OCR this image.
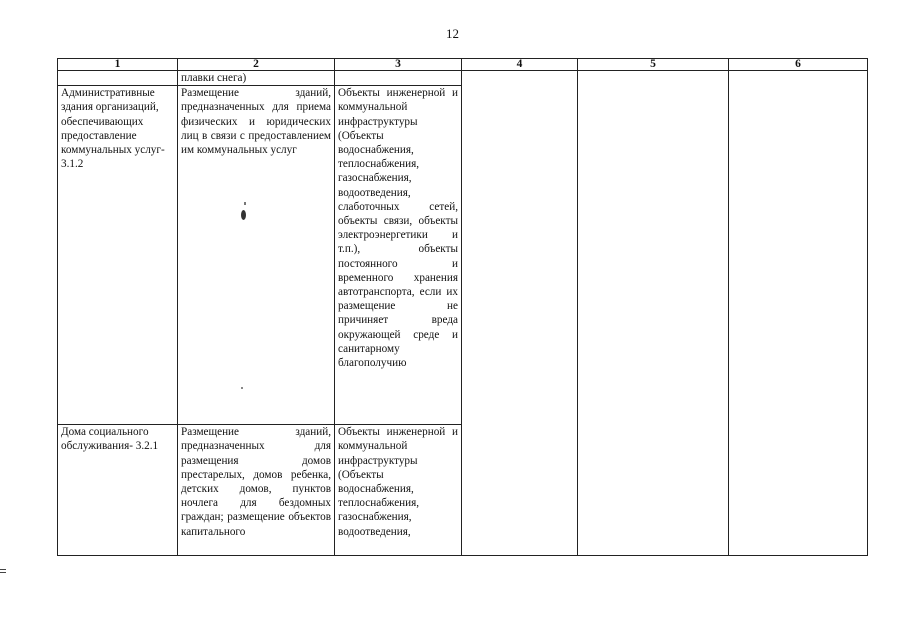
12
1	2	3	4	5	6
	плавки снега)				
Административные здания организаций, обеспечивающих предоставление коммунальных услуг- 3.1.2	Размещение зданий, предназначенных для приема физических и юридических лиц в связи с предоставлением им коммунальных услуг	Объекты инженерной и коммунальной инфраструктуры (Объекты водоснабжения, теплоснабжения, газоснабжения, водоотведения, слаботочных сетей, объекты связи, объекты электроэнергетики и т.п.), объекты постоянного и временного хранения автотранспорта, если их размещение не причиняет вреда окружающей среде и санитарному благополучию			
Дома социального обслуживания- 3.2.1	Размещение зданий, предназначенных для размещения домов престарелых, домов ребенка, детских домов, пунктов ночлега для бездомных граждан; размещение объектов капитального	Объекты инженерной и коммунальной инфраструктуры (Объекты водоснабжения, теплоснабжения, газоснабжения, водоотведения,			
